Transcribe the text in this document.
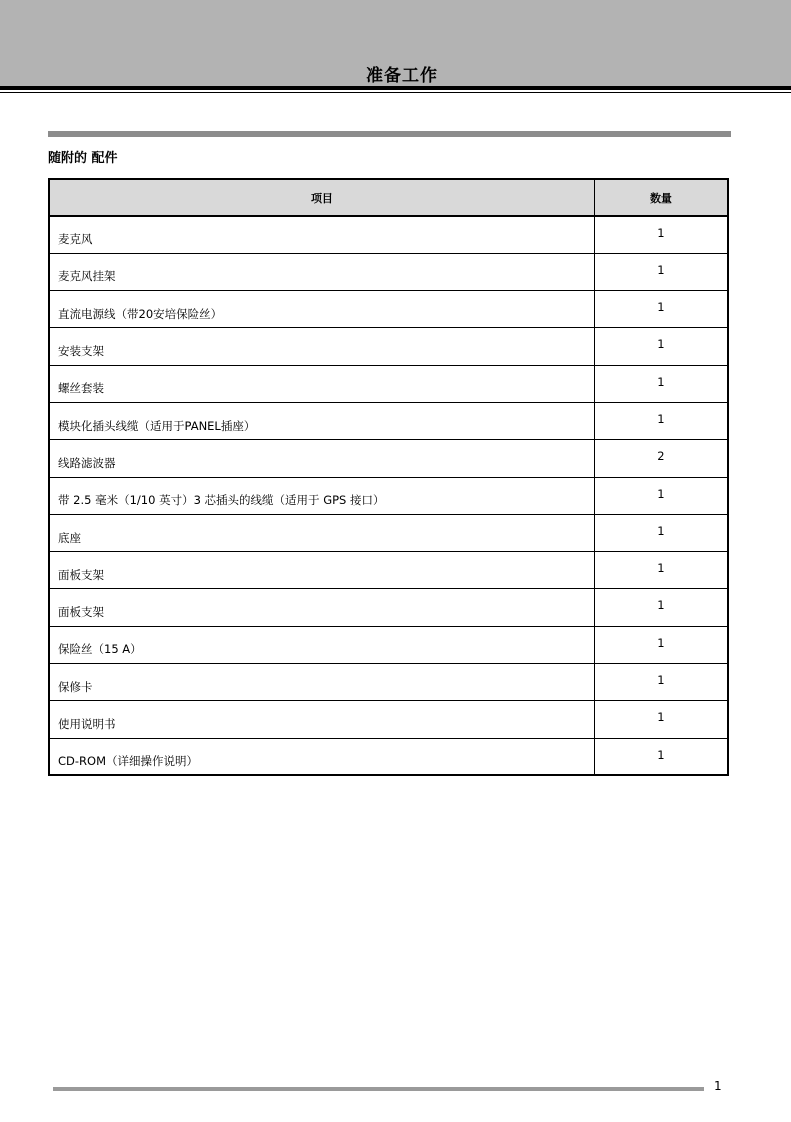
准备工作
随附的 配件
项目	数量
麦克风	1
麦克风挂架	1
直流电源线（带20安培保险丝）	1
安装支架	1
螺丝套装	1
模块化插头线缆（适用于PANEL插座）	1
线路滤波器	2
带 2.5 毫米（1/10 英寸）3 芯插头的线缆（适用于 GPS 接口）	1
底座	1
面板支架	1
面板支架	1
保险丝（15 A）	1
保修卡	1
使用说明书	1
CD-ROM（详细操作说明）	1
1
